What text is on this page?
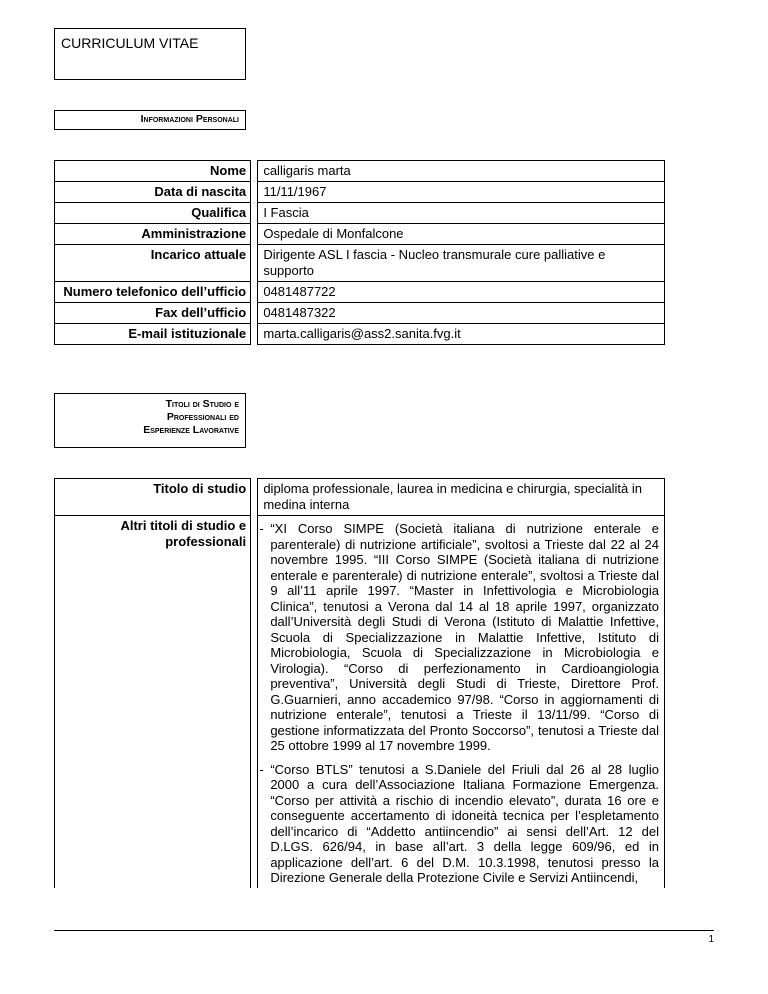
CURRICULUM VITAE
Informazioni Personali
Nome		calligaris marta
Data di nascita		11/11/1967
Qualifica		I Fascia
Amministrazione		Ospedale di Monfalcone
Incarico attuale		Dirigente ASL I fascia - Nucleo transmurale cure palliative e supporto
Numero telefonico dell’ufficio		0481487722
Fax dell’ufficio		0481487322
E-mail istituzionale		marta.calligaris@ass2.sanita.fvg.it
Titoli di Studio e
Professionali ed
Esperienze Lavorative
Titolo di studio		diploma professionale, laurea in medicina e chirurgia, specialità in medina interna
Altri titoli di studio e professionali		- “XI Corso SIMPE (Società italiana di nutrizione enterale e parenterale) di nutrizione artificiale”, svoltosi a Trieste dal 22 al 24 novembre 1995. “III Corso SIMPE (Società italiana di nutrizione enterale e parenterale) di nutrizione enterale”, svoltosi a Trieste dal 9 all’11 aprile 1997. “Master in Infettivologia e Microbiologia Clinica”, tenutosi a Verona dal 14 al 18 aprile 1997, organizzato dall’Università degli Studi di Verona (Istituto di Malattie Infettive, Scuola di Specializzazione in Malattie Infettive, Istituto di Microbiologia, Scuola di Specializzazione in Microbiologia e Virologia). “Corso di perfezionamento in Cardioangiologia preventiva”, Università degli Studi di Trieste, Direttore Prof. G.Guarnieri, anno accademico 97/98. “Corso in aggiornamenti di nutrizione enterale”, tenutosi a Trieste il 13/11/99. “Corso di gestione informatizzata del Pronto Soccorso”, tenutosi a Trieste dal 25 ottobre 1999 al 17 novembre 1999.
- “Corso BTLS” tenutosi a S.Daniele del Friuli dal 26 al 28 luglio 2000 a cura dell’Associazione Italiana Formazione Emergenza. “Corso per attività a rischio di incendio elevato”, durata 16 ore e conseguente accertamento di idoneità tecnica per l’espletamento dell’incarico di “Addetto antiincendio” ai sensi dell’Art. 12 del D.LGS. 626/94, in base all’art. 3 della legge 609/96, ed in applicazione dell’art. 6 del D.M. 10.3.1998, tenutosi presso la Direzione Generale della Protezione Civile e Servizi Antiincendi,
1
